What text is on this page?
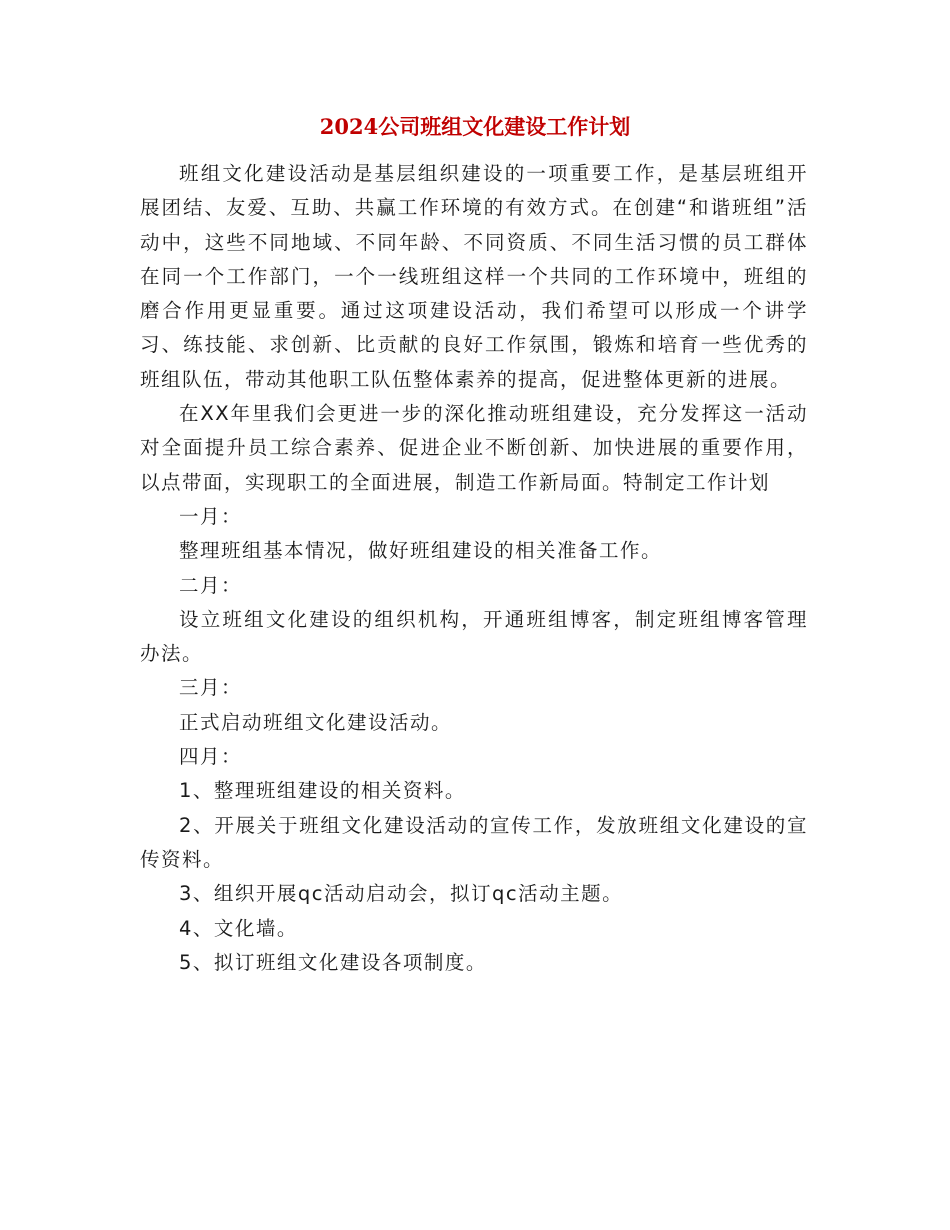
2024公司班组文化建设工作计划

班组文化建设活动是基层组织建设的一项重要工作，是基层班组开展团结、友爱、互助、共赢工作环境的有效方式。在创建“和谐班组”活动中，这些不同地域、不同年龄、不同资质、不同生活习惯的员工群体在同一个工作部门，一个一线班组这样一个共同的工作环境中，班组的磨合作用更显重要。通过这项建设活动，我们希望可以形成一个讲学习、练技能、求创新、比贡献的良好工作氛围，锻炼和培育一些优秀的班组队伍，带动其他职工队伍整体素养的提高，促进整体更新的进展。

在XX年里我们会更进一步的深化推动班组建设，充分发挥这一活动对全面提升员工综合素养、促进企业不断创新、加快进展的重要作用，以点带面，实现职工的全面进展，制造工作新局面。特制定工作计划

一月：

整理班组基本情况，做好班组建设的相关准备工作。

二月：

设立班组文化建设的组织机构，开通班组博客，制定班组博客管理办法。

三月：

正式启动班组文化建设活动。

四月：

1、整理班组建设的相关资料。

2、开展关于班组文化建设活动的宣传工作，发放班组文化建设的宣传资料。

3、组织开展qc活动启动会，拟订qc活动主题。

4、文化墙。

5、拟订班组文化建设各项制度。
